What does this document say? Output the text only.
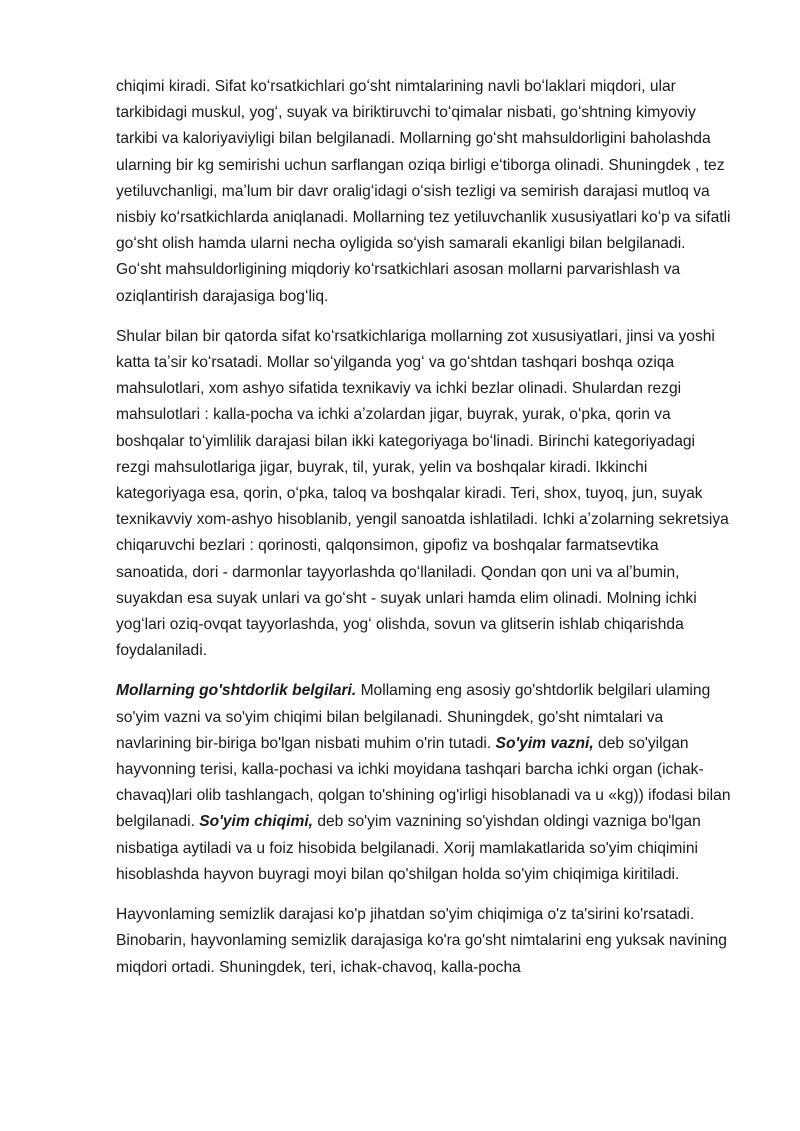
chiqimi kiradi. Sifat koʻrsatkichlari goʻsht nimtalarining navli boʻlaklari miqdori, ular tarkibidagi muskul, yogʻ, suyak va biriktiruvchi toʻqimalar nisbati, goʻshtning kimyoviy tarkibi va kaloriyaviyligi bilan belgilanadi. Mollarning goʻsht mahsuldorligini baholashda ularning bir kg semirishi uchun sarflangan oziqa birligi eʻtiborga olinadi. Shuningdek , tez yetiluvchanligi, maʼlum bir davr oraligʻidagi oʻsish tezligi va semirish darajasi mutloq va nisbiy koʻrsatkichlarda aniqlanadi. Mollarning tez yetiluvchanlik xususiyatlari koʻp va sifatli goʻsht olish hamda ularni necha oyligida soʻyish samarali ekanligi bilan belgilanadi. Goʻsht mahsuldorligining miqdoriy koʻrsatkichlari asosan mollarni parvarishlash va oziqlantirish darajasiga bogʻliq.

Shular bilan bir qatorda sifat koʻrsatkichlariga mollarning zot xususiyatlari, jinsi va yoshi katta taʼsir koʻrsatadi. Mollar soʻyilganda yogʻ va goʻshtdan tashqari boshqa oziqa mahsulotlari, xom ashyo sifatida texnikaviy va ichki bezlar olinadi. Shulardan rezgi mahsulotlari : kalla-pocha va ichki aʼzolardan jigar, buyrak, yurak, oʻpka, qorin va boshqalar toʻyimlilik darajasi bilan ikki kategoriyaga boʻlinadi. Birinchi kategoriyadagi rezgi mahsulotlariga jigar, buyrak, til, yurak, yelin va boshqalar kiradi. Ikkinchi kategoriyaga esa, qorin, oʻpka, taloq va boshqalar kiradi. Teri, shox, tuyoq, jun, suyak texnikavviy xom-ashyo hisoblanib, yengil sanoatda ishlatiladi. Ichki aʼzolarning sekretsiya chiqaruvchi bezlari : qorinosti, qalqonsimon, gipofiz va boshqalar farmatsevtika sanoatida, dori - darmonlar tayyorlashda qoʻllaniladi. Qondan qon uni va alʼbumin, suyakdan esa suyak unlari va goʻsht - suyak unlari hamda elim olinadi. Molning ichki yogʻlari oziq-ovqat tayyorlashda, yogʻ olishda, sovun va glitserin ishlab chiqarishda foydalaniladi.

Mollarning go'shtdorlik belgilari. Mollaming eng asosiy go'shtdorlik belgilari ulaming so'yim vazni va so'yim chiqimi bilan belgilanadi. Shuningdek, go'sht nimtalari va navlarining bir-biriga bo'lgan nisbati muhim o'rin tutadi. So'yim vazni, deb so'yilgan hayvonning terisi, kalla-pochasi va ichki moyidana tashqari barcha ichki organ (ichak-chavaq)lari olib tashlangach, qolgan to'shining og'irligi hisoblanadi va u «kg)) ifodasi bilan belgilanadi. So'yim chiqimi, deb so'yim vaznining so'yishdan oldingi vazniga bo'lgan nisbatiga aytiladi va u foiz hisobida belgilanadi. Xorij mamlakatlarida so'yim chiqimini hisoblashda hayvon buyragi moyi bilan qo'shilgan holda so'yim chiqimiga kiritiladi.

Hayvonlaming semizlik darajasi ko'p jihatdan so'yim chiqimiga o'z ta'sirini ko'rsatadi. Binobarin, hayvonlaming semizlik darajasiga ko'ra go'sht nimtalarini eng yuksak navining miqdori ortadi. Shuningdek, teri, ichak-chavoq, kalla-pocha
